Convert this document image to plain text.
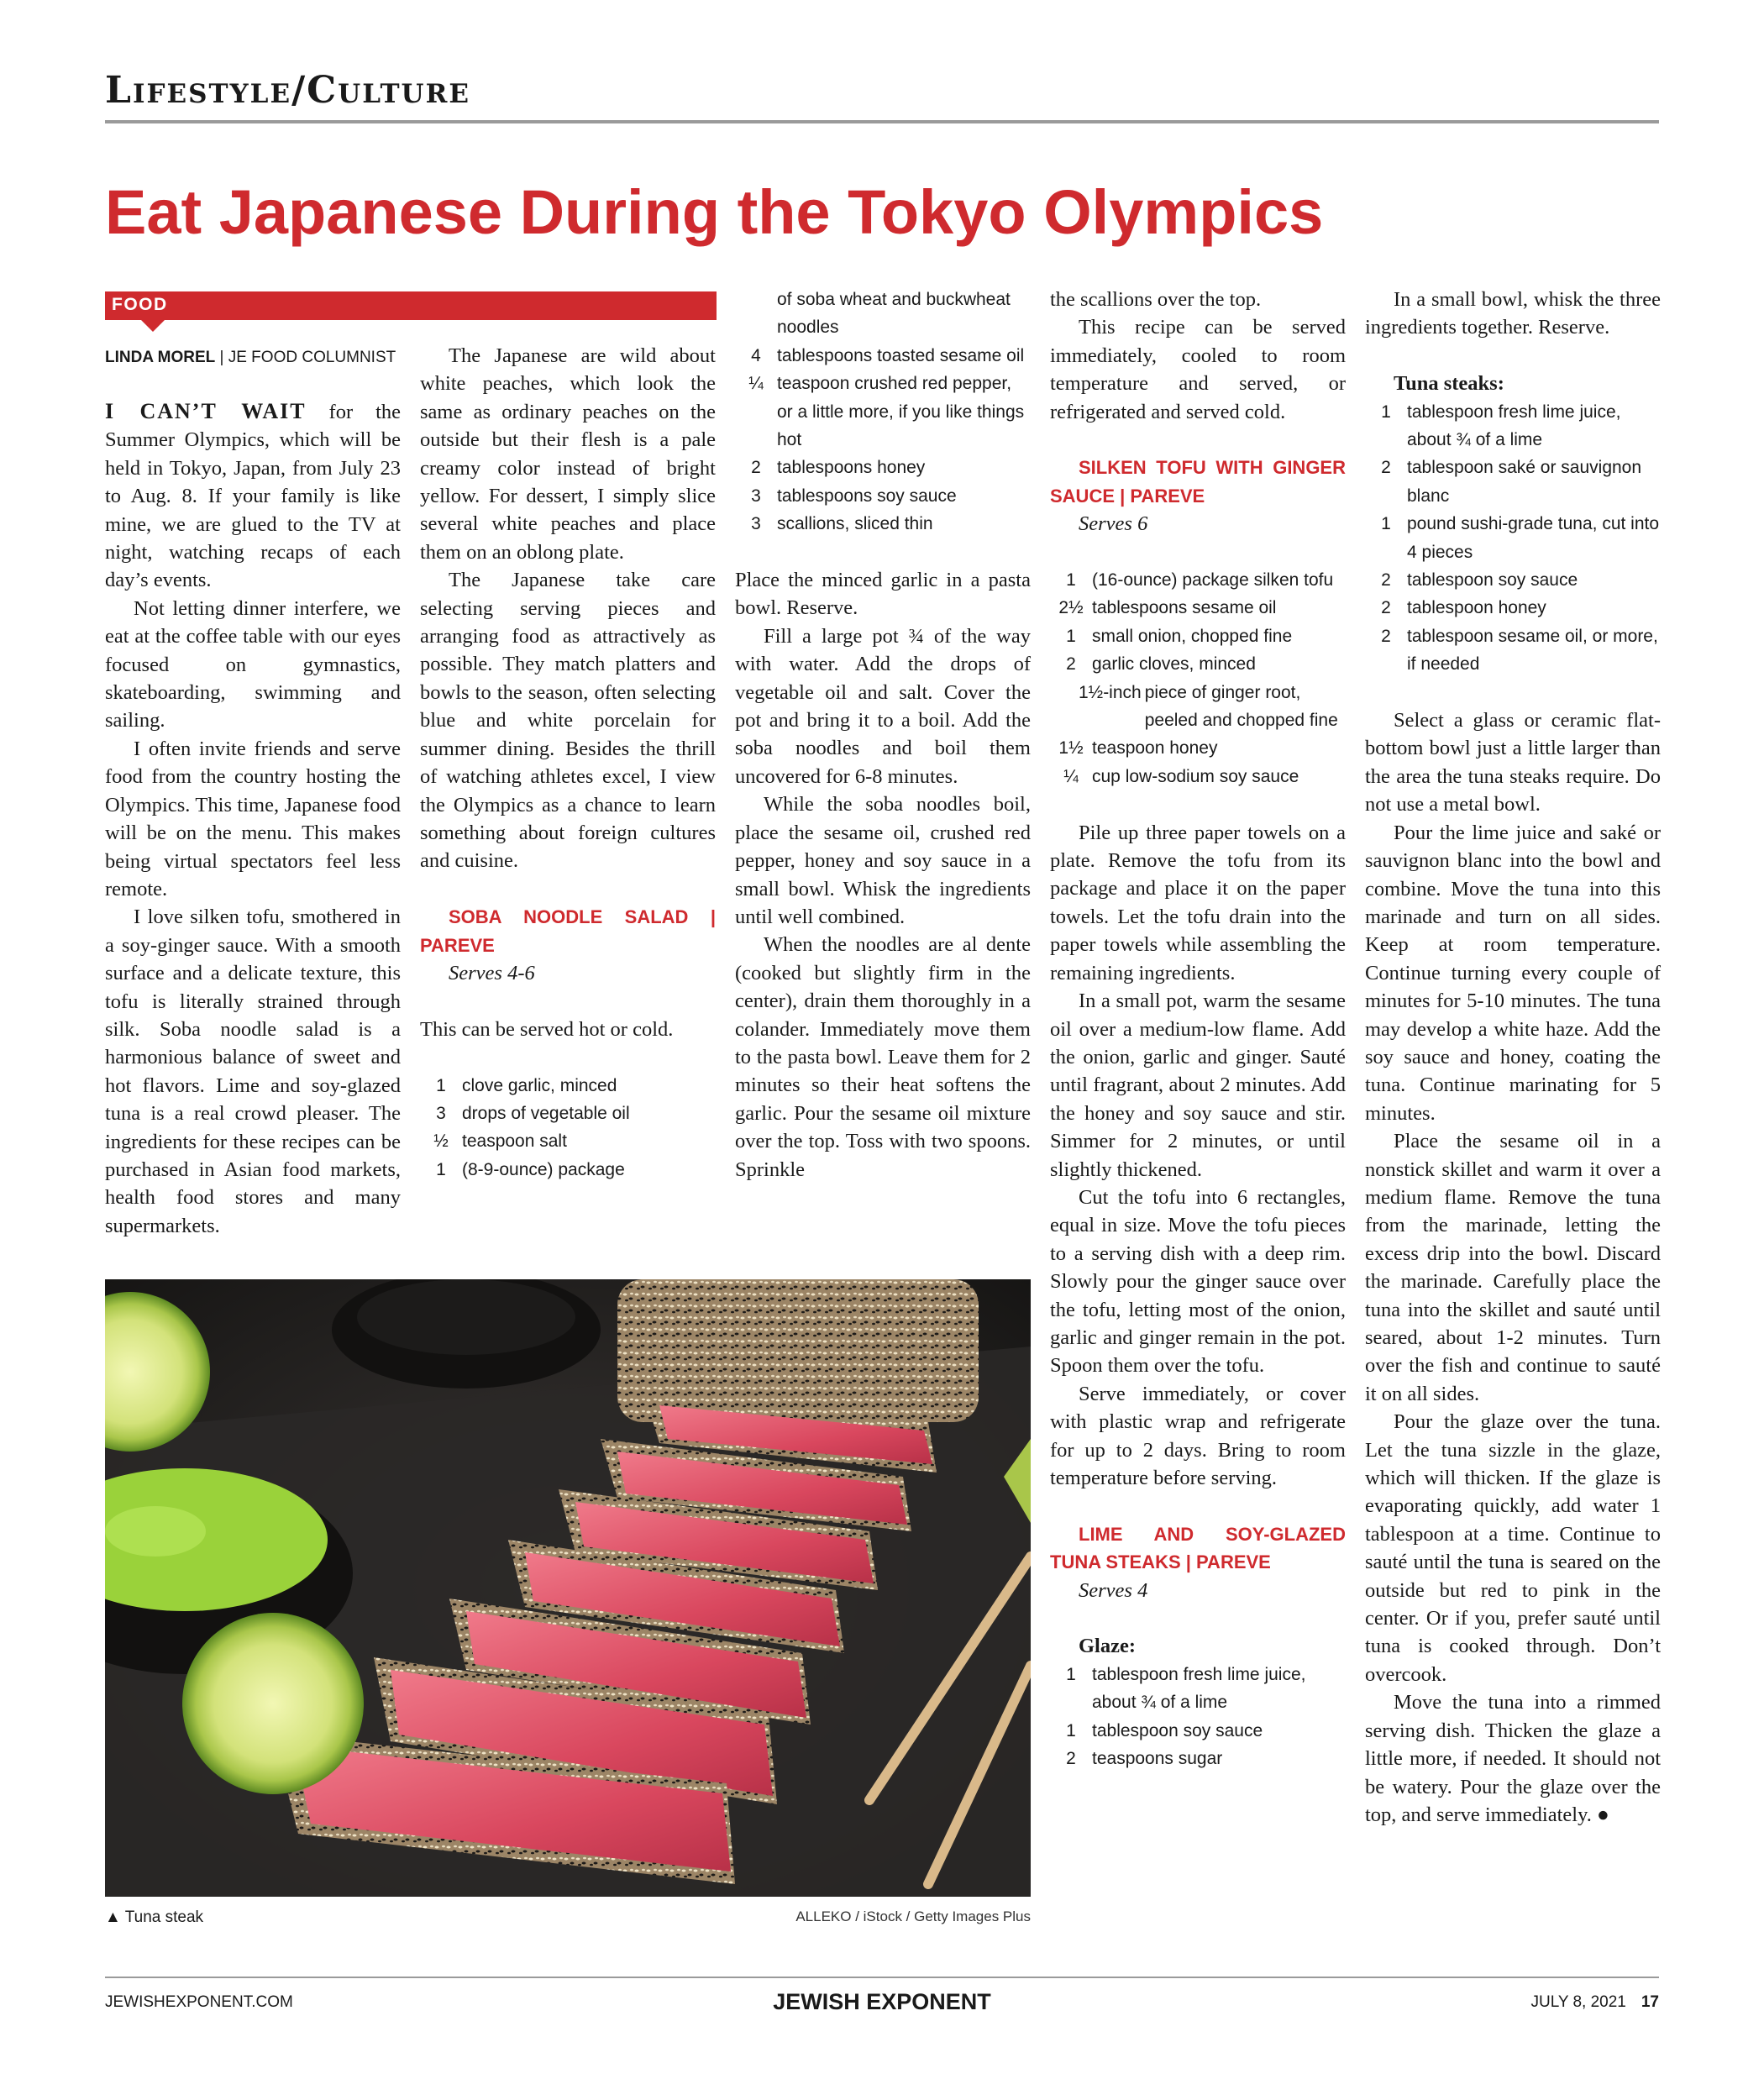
Lifestyle/Culture
Eat Japanese During the Tokyo Olympics
FOOD
LINDA MOREL | JE FOOD COLUMNIST

I CAN’T WAIT for the Summer Olympics, which will be held in Tokyo, Japan, from July 23 to Aug. 8. If your family is like mine, we are glued to the TV at night, watching recaps of each day’s events.

Not letting dinner interfere, we eat at the coffee table with our eyes focused on gymnastics, skateboarding, swimming and sailing.

I often invite friends and serve food from the country hosting the Olympics. This time, Japanese food will be on the menu. This makes being virtual spectators feel less remote.

I love silken tofu, smothered in a soy-ginger sauce. With a smooth surface and a delicate texture, this tofu is literally strained through silk. Soba noodle salad is a harmonious balance of sweet and hot flavors. Lime and soy-glazed tuna is a real crowd pleaser. The ingredients for these recipes can be purchased in Asian food markets, health food stores and many supermarkets.

The Japanese are wild about white peaches, which look the same as ordinary peaches on the outside but their flesh is a pale creamy color instead of bright yellow. For dessert, I simply slice several white peaches and place them on an oblong plate.

The Japanese take care selecting serving pieces and arranging food as attractively as possible. They match platters and bowls to the season, often selecting blue and white porcelain for summer dining. Besides the thrill of watching athletes excel, I view the Olympics as a chance to learn something about foreign cultures and cuisine.

SOBA NOODLE SALAD | PAREVE

Serves 4-6

This can be served hot or cold.

1 clove garlic, minced
3 drops of vegetable oil
½ teaspoon salt
1 (8-9-ounce) package
of soba wheat and buckwheat noodles
4 tablespoons toasted sesame oil
¼ teaspoon crushed red pepper, or a little more, if you like things hot
2 tablespoons honey
3 tablespoons soy sauce
3 scallions, sliced thin

Place the minced garlic in a pasta bowl. Reserve.

Fill a large pot ¾ of the way with water. Add the drops of vegetable oil and salt. Cover the pot and bring it to a boil. Add the soba noodles and boil them uncovered for 6-8 minutes.

While the soba noodles boil, place the sesame oil, crushed red pepper, honey and soy sauce in a small bowl. Whisk the ingredients until well combined.

When the noodles are al dente (cooked but slightly firm in the center), drain them thoroughly in a colander. Immediately move them to the pasta bowl. Leave them for 2 minutes so their heat softens the garlic. Pour the sesame oil mixture over the top. Toss with two spoons. Sprinkle

the scallions over the top.

This recipe can be served immediately, cooled to room temperature and served, or refrigerated and served cold.

SILKEN TOFU WITH GINGER SAUCE | PAREVE

Serves 6

1 (16-ounce) package silken tofu
2½ tablespoons sesame oil
1 small onion, chopped fine
2 garlic cloves, minced
1½-inch piece of ginger root, peeled and chopped fine
1½ teaspoon honey
¼ cup low-sodium soy sauce

Pile up three paper towels on a plate. Remove the tofu from its package and place it on the paper towels. Let the tofu drain into the paper towels while assembling the remaining ingredients.

In a small pot, warm the sesame oil over a medium-low flame. Add the onion, garlic and ginger. Sauté until fragrant, about 2 minutes. Add the honey and soy sauce and stir. Simmer for 2 minutes, or until slightly thickened.

Cut the tofu into 6 rectangles, equal in size. Move the tofu pieces to a serving dish with a deep rim. Slowly pour the ginger sauce over the tofu, letting most of the onion, garlic and ginger remain in the pot. Spoon them over the tofu.

Serve immediately, or cover with plastic wrap and refrigerate for up to 2 days. Bring to room temperature before serving.

LIME AND SOY-GLAZED TUNA STEAKS | PAREVE

Serves 4

Glaze:

1 tablespoon fresh lime juice, about ¾ of a lime
1 tablespoon soy sauce
2 teaspoons sugar

In a small bowl, whisk the three ingredients together. Reserve.

Tuna steaks:

1 tablespoon fresh lime juice, about ¾ of a lime
2 tablespoon saké or sauvignon blanc
1 pound sushi-grade tuna, cut into 4 pieces
2 tablespoon soy sauce
2 tablespoon honey
2 tablespoon sesame oil, or more, if needed

Select a glass or ceramic flat-bottom bowl just a little larger than the area the tuna steaks require. Do not use a metal bowl.

Pour the lime juice and saké or sauvignon blanc into the bowl and combine. Move the tuna into this marinade and turn on all sides. Keep at room temperature. Continue turning every couple of minutes for 5-10 minutes. The tuna may develop a white haze. Add the soy sauce and honey, coating the tuna. Continue marinating for 5 minutes.

Place the sesame oil in a nonstick skillet and warm it over a medium flame. Remove the tuna from the marinade, letting the excess drip into the bowl. Discard the marinade. Carefully place the tuna into the skillet and sauté until seared, about 1-2 minutes. Turn over the fish and continue to sauté it on all sides.

Pour the glaze over the tuna. Let the tuna sizzle in the glaze, which will thicken. If the glaze is evaporating quickly, add water 1 tablespoon at a time. Continue to sauté until the tuna is seared on the outside but red to pink in the center. Or if you, prefer sauté until tuna is cooked through. Don’t overcook.

Move the tuna into a rimmed serving dish. Thicken the glaze a little more, if needed. It should not be watery. Pour the glaze over the top, and serve immediately. ●

▲ Tuna steak	ALLEKO / iStock / Getty Images Plus
JEWISHEXPONENT.COM	JEWISH EXPONENT	JULY 8, 2021 17
